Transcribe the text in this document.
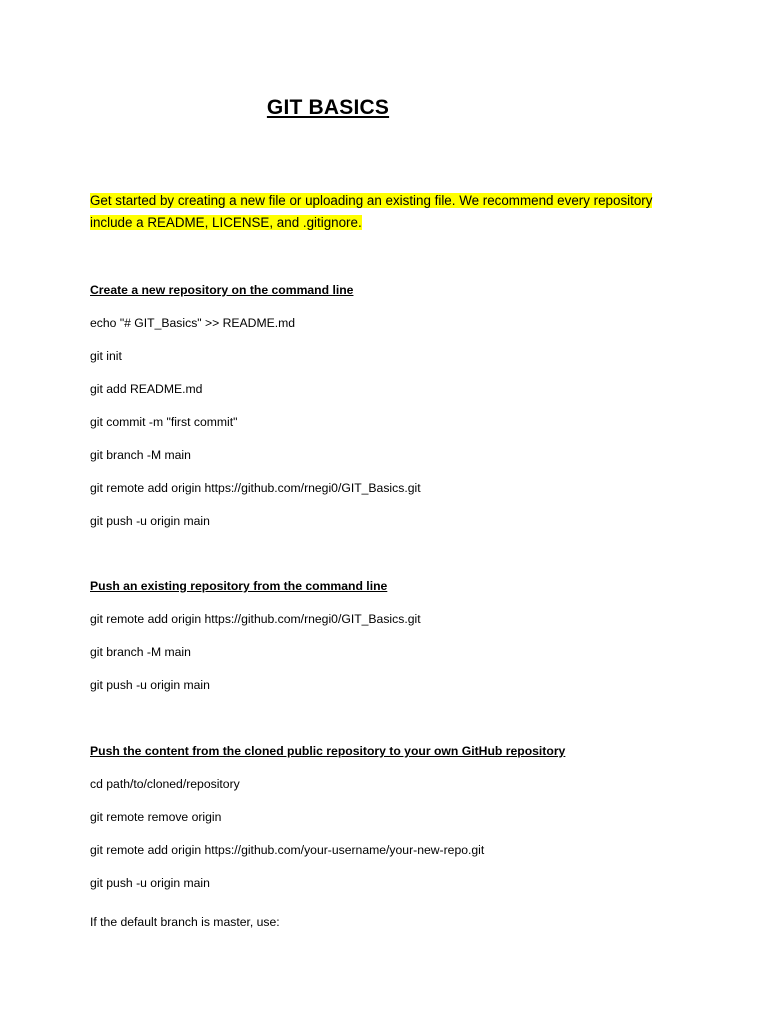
GIT BASICS
Get started by creating a new file or uploading an existing file. We recommend every repository
include a README, LICENSE, and .gitignore.
Create a new repository on the command line
echo "# GIT_Basics" >> README.md
git init
git add README.md
git commit -m "first commit"
git branch -M main
git remote add origin https://github.com/rnegi0/GIT_Basics.git
git push -u origin main
Push an existing repository from the command line
git remote add origin https://github.com/rnegi0/GIT_Basics.git
git branch -M main
git push -u origin main
Push the content from the cloned public repository to your own GitHub repository
cd path/to/cloned/repository
git remote remove origin
git remote add origin https://github.com/your-username/your-new-repo.git
git push -u origin main
If the default branch is master, use:
